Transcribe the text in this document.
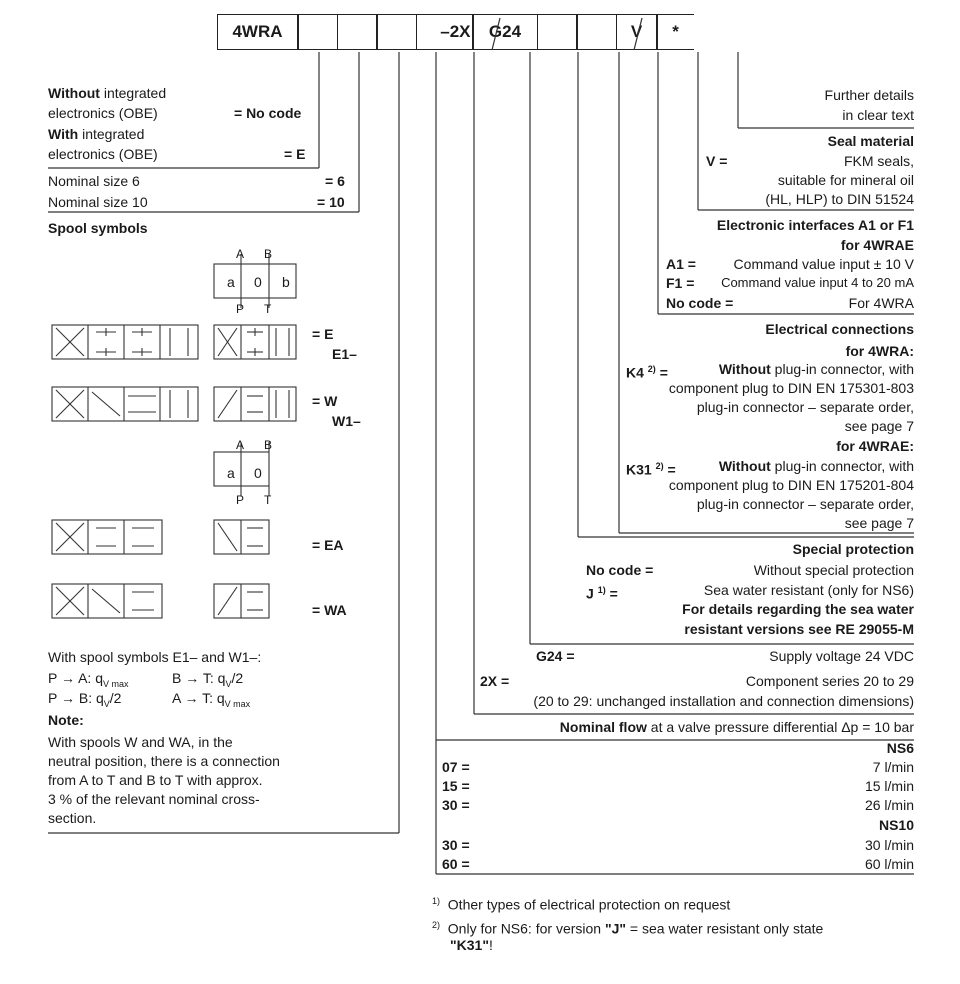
4WRA	–2X	G24	V	*
Without integrated
electronics (OBE)	= No code
With integrated
electronics (OBE)	= E
Nominal size 6	= 6
Nominal size 10	= 10
Spool symbols
A B
a 0 b
P T
= E
E1–
= W
W1–
A B
a 0
P T
= EA
= WA
With spool symbols E1– and W1–:
P → A: $q_{V max}$	B → T: $q_V/2$
P → B: $q_V/2$	A → T: $q_{V max}$
Note:
With spools W and WA, in the
neutral position, there is a connection
from A to T and B to T with approx.
3 % of the relevant nominal cross-
section.
Further details
in clear text
Seal material
V =	FKM seals,
suitable for mineral oil
(HL, HLP) to DIN 51524
Electronic interfaces A1 or F1
for 4WRAE
A1 =	Command value input ± 10 V
F1 = Command value input 4 to 20 mA
No code =	For 4WRA
Electrical connections
for 4WRA:
K4 $^{2)}$ =	Without plug-in connector, with
component plug to DIN EN 175301-803
plug-in connector – separate order,
see page 7
for 4WRAE:
K31 $^{2)}$ =	Without plug-in connector, with
component plug to DIN EN 175201-804
plug-in connector – separate order,
see page 7
Special protection
No code =	Without special protection
J $^{1)}$ =	Sea water resistant (only for NS6)
For details regarding the sea water
resistant versions see RE 29055-M
G24 =	Supply voltage 24 VDC
2X =	Component series 20 to 29
(20 to 29: unchanged installation and connection dimensions)
Nominal flow at a valve pressure differential Δp = 10 bar
NS6
07 =	7 l/min
15 =	15 l/min
30 =	26 l/min
NS10
30 =	30 l/min
60 =	60 l/min
$^{1)}$ Other types of electrical protection on request
$^{2)}$ Only for NS6: for version "J" = sea water resistant only state
"K31"!
